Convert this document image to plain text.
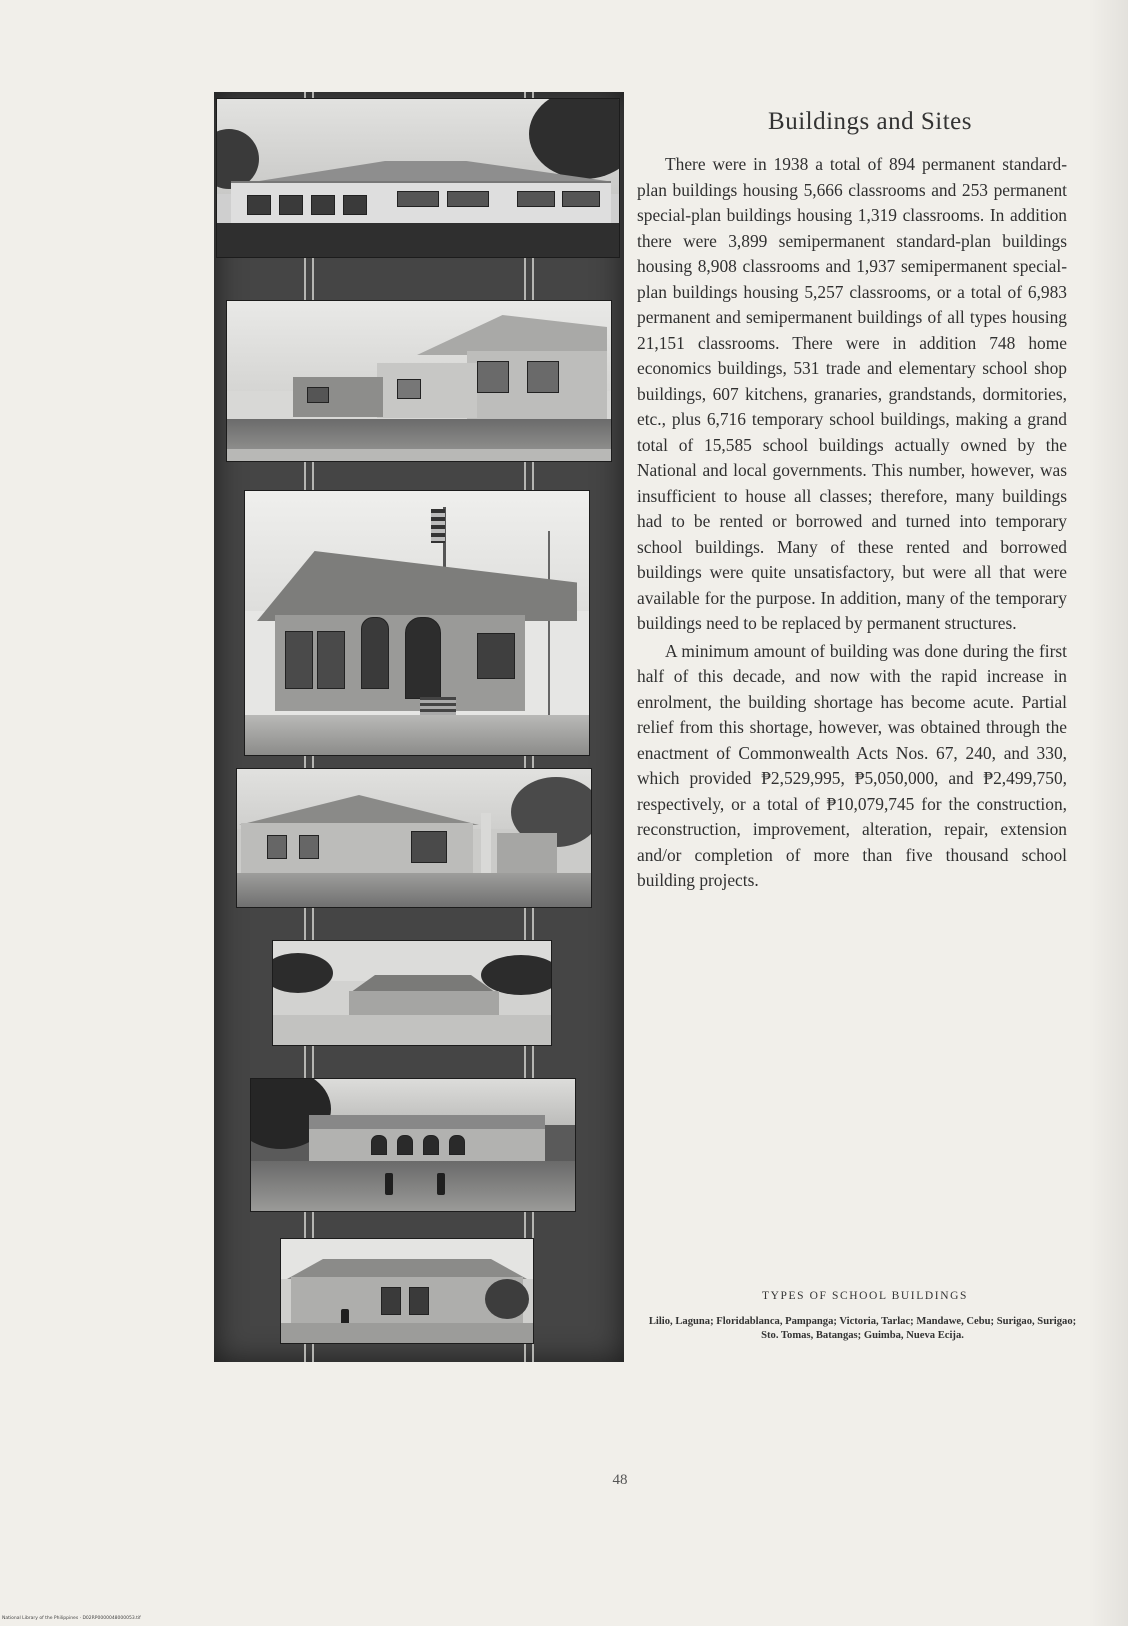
Buildings and Sites

There were in 1938 a total of 894 permanent standard-plan buildings housing 5,666 classrooms and 253 permanent special-plan buildings housing 1,319 classrooms. In addition there were 3,899 semipermanent standard-plan buildings housing 8,908 classrooms and 1,937 semipermanent special-plan buildings housing 5,257 classrooms, or a total of 6,983 permanent and semipermanent buildings of all types housing 21,151 classrooms. There were in addition 748 home economics buildings, 531 trade and elementary school shop buildings, 607 kitchens, granaries, grandstands, dormitories, etc., plus 6,716 temporary school buildings, making a grand total of 15,585 school buildings actually owned by the National and local governments. This number, however, was insufficient to house all classes; therefore, many buildings had to be rented or borrowed and turned into temporary school buildings. Many of these rented and borrowed buildings were quite unsatisfactory, but were all that were available for the purpose. In addition, many of the temporary buildings need to be replaced by permanent structures.

A minimum amount of building was done during the first half of this decade, and now with the rapid increase in enrolment, the building shortage has become acute. Partial relief from this shortage, however, was obtained through the enactment of Commonwealth Acts Nos. 67, 240, and 330, which provided ₱2,529,995, ₱5,050,000, and ₱2,499,750, respectively, or a total of ₱10,079,745 for the construction, reconstruction, improvement, alteration, repair, extension and/or completion of more than five thousand school building projects.

TYPES OF SCHOOL BUILDINGS
Lilio, Laguna; Floridablanca, Pampanga; Victoria, Tarlac; Mandawe, Cebu; Surigao, Surigao; Sto. Tomas, Batangas; Guimba, Nueva Ecija.
48
National Library of the Philippines · D02RP0000048000053.tif
